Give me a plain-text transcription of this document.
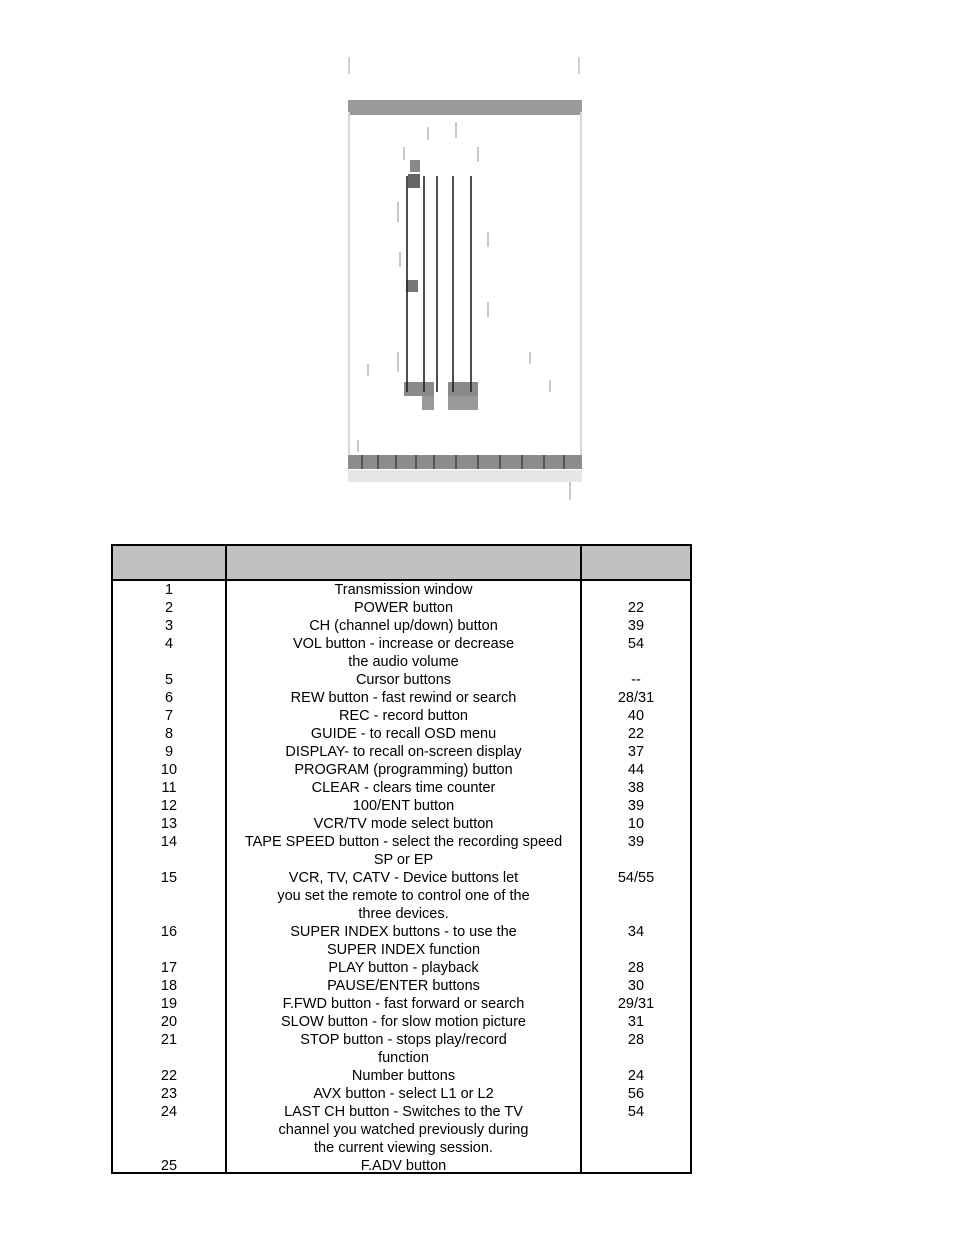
1
2
3
4
5
6
7
8
9
10
11
12
13
14
15
16
17
18
19
20
21
22
23
24
25
Transmission window
POWER button
CH (channel up/down) button
VOL button - increase or decrease
the audio volume
Cursor buttons
REW button - fast rewind or search
REC - record button
GUIDE - to recall OSD menu
DISPLAY- to recall on-screen display
PROGRAM (programming) button
CLEAR - clears time counter
100/ENT button
VCR/TV mode select button
TAPE SPEED button - select the recording speed
SP or EP
VCR, TV, CATV - Device buttons let
you set the remote to control one of the
three devices.
SUPER INDEX buttons - to use the
SUPER INDEX function
PLAY button - playback
PAUSE/ENTER buttons
F.FWD button - fast forward or search
SLOW button - for slow motion picture
STOP button - stops play/record
function
Number buttons
AVX button - select L1 or L2
LAST CH button - Switches to the TV
channel you watched previously during
the current viewing session.
F.ADV button
22
39
54
--
28/31
40
22
37
44
38
39
10
39
54/55
34
28
30
29/31
31
28
24
56
54
